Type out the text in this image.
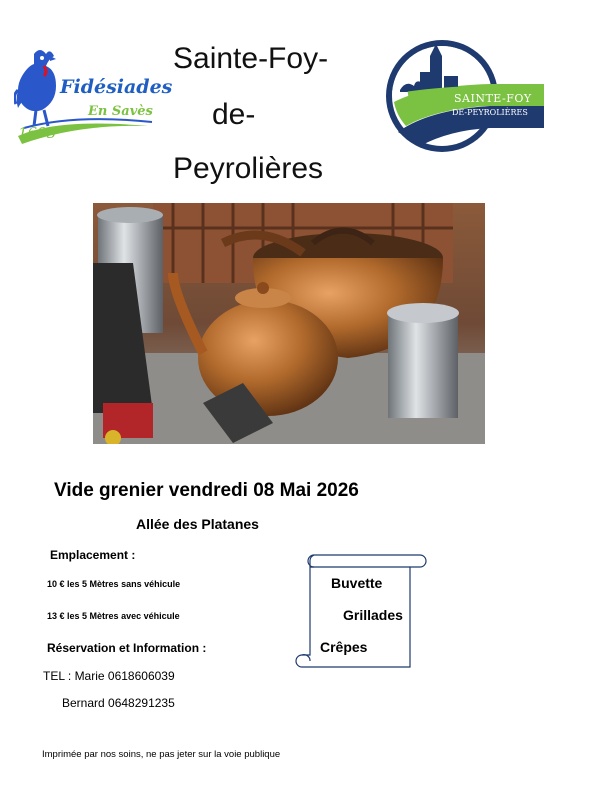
Fidésiades
En Savès
1693
Sainte-Foy-
de-
Peyrolières
SAINTE-FOY
DE-PEYROLIÈRES
Vide grenier vendredi 08 Mai 2026
Allée des Platanes
Emplacement :
10 € les 5 Mètres sans véhicule
13 € les 5 Mètres avec véhicule
Réservation et Information :
TEL : Marie 0618606039
Bernard 0648291235
Buvette
Grillades
Crêpes
Imprimée par nos soins, ne pas jeter sur la voie publique
